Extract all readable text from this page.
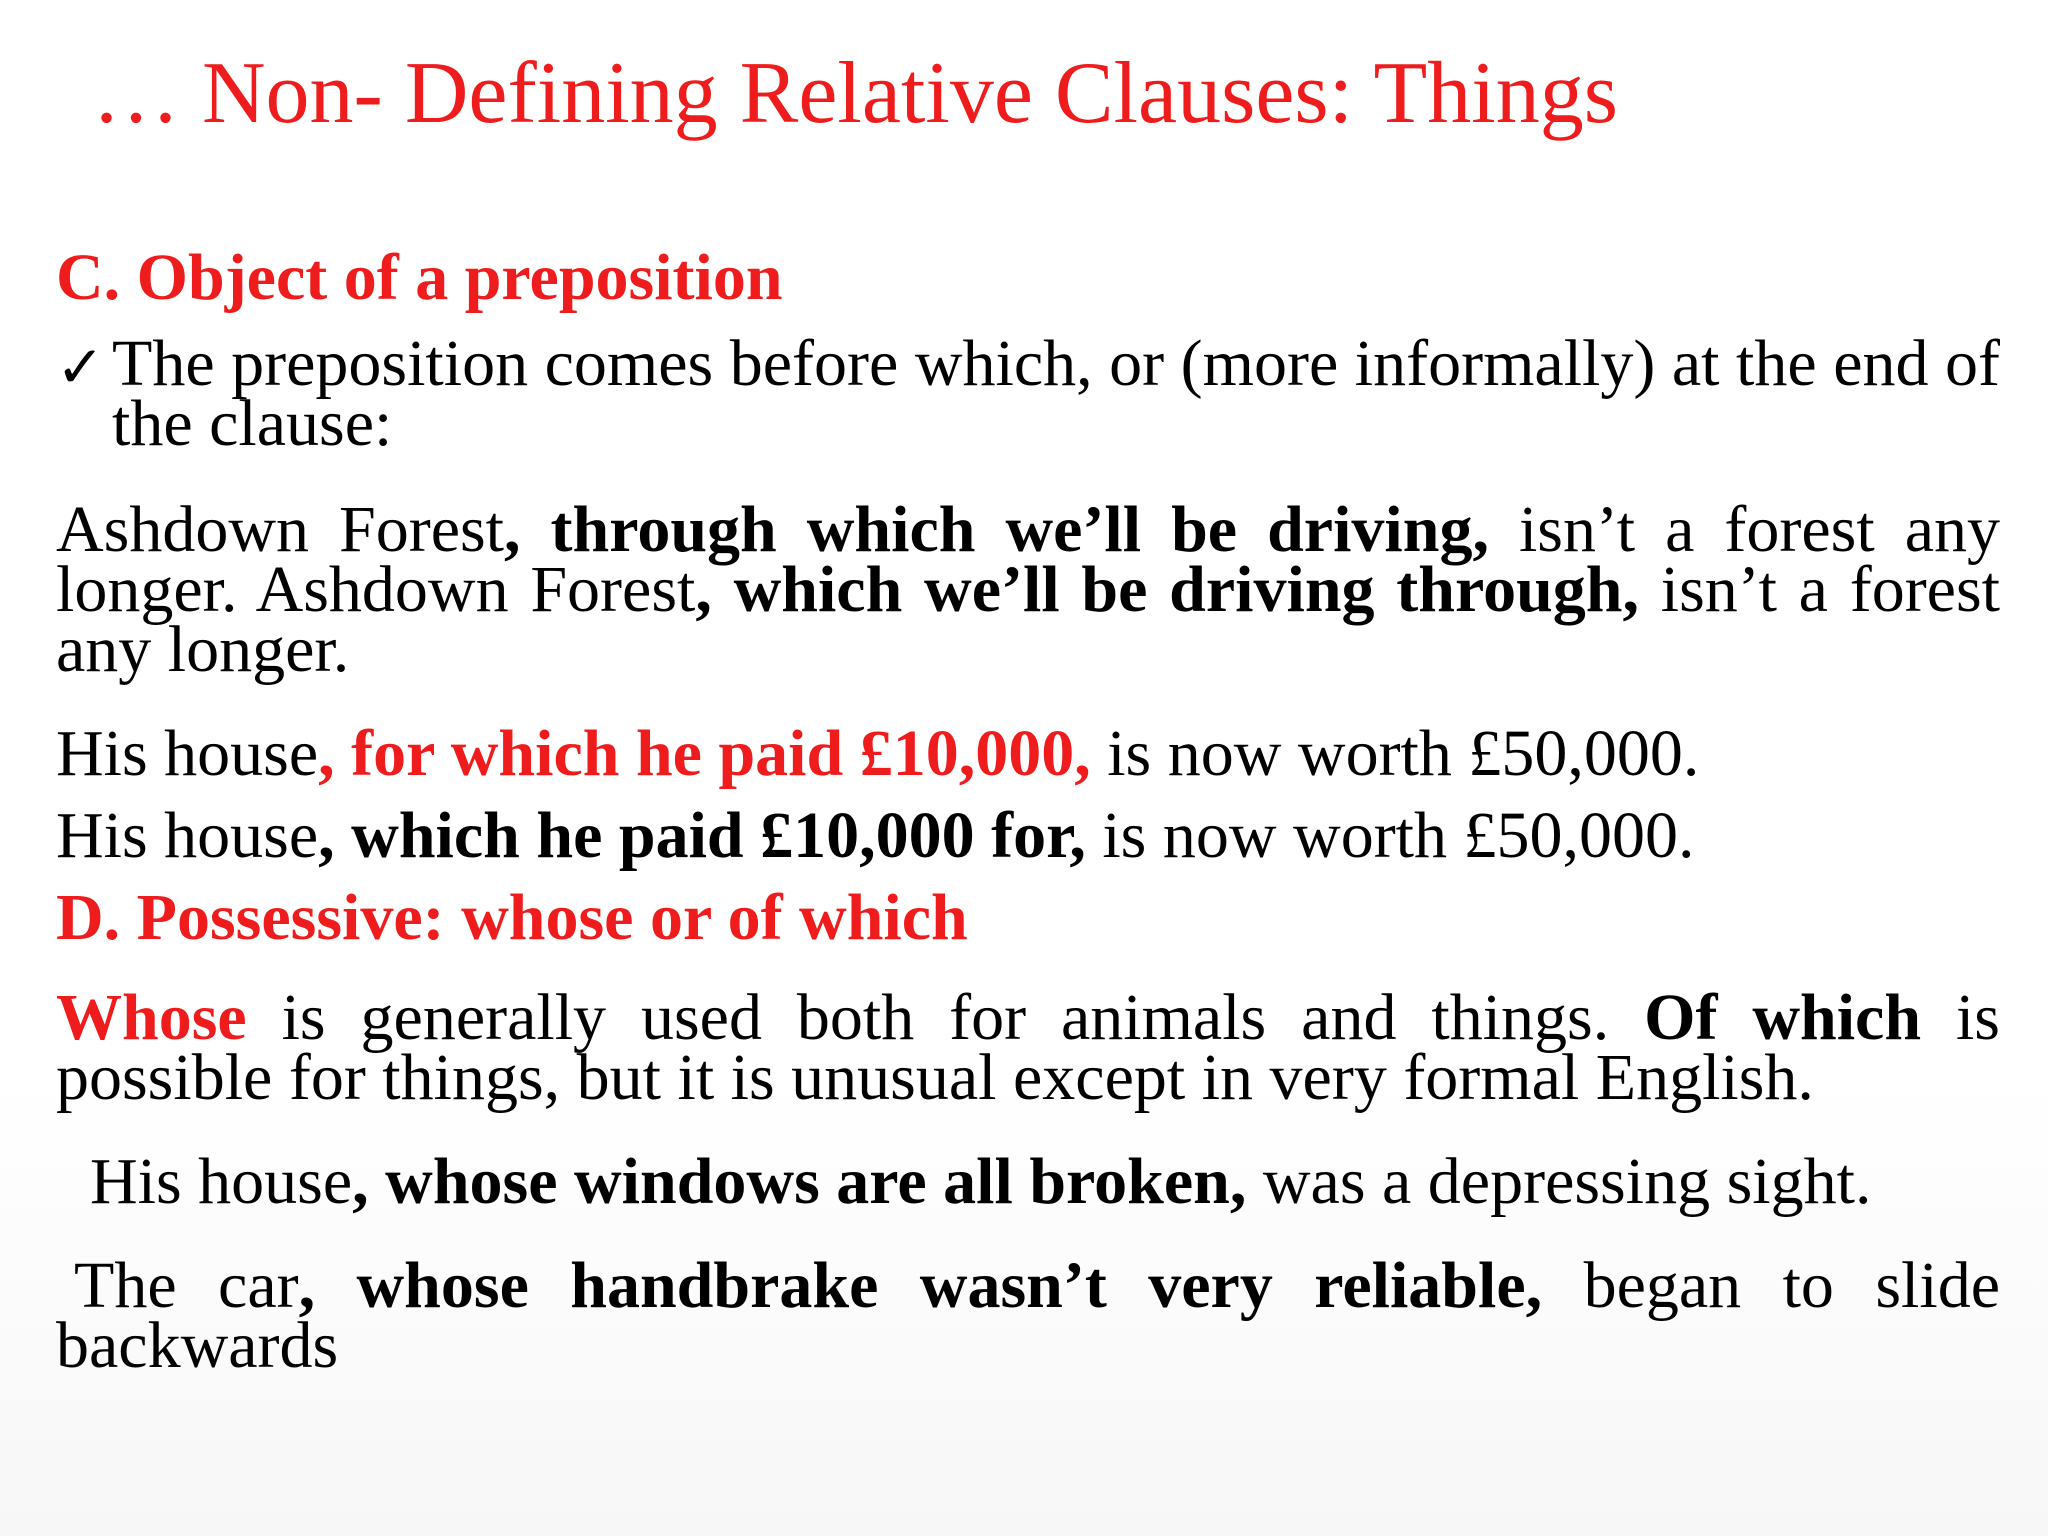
… Non- Defining Relative Clauses: Things

C. Object of a preposition

✓ The preposition comes before which, or (more informally) at the end of the clause:

Ashdown Forest, through which we’ll be driving, isn’t a forest any longer. Ashdown Forest, which we’ll be driving through, isn’t a forest any longer.

His house, for which he paid £10,000, is now worth £50,000.

His house, which he paid £10,000 for, is now worth £50,000.

D. Possessive: whose or of which

Whose is generally used both for animals and things. Of which is possible for things, but it is unusual except in very formal English.

His house, whose windows are all broken, was a depressing sight.

The car, whose handbrake wasn’t very reliable, began to slide backwards
